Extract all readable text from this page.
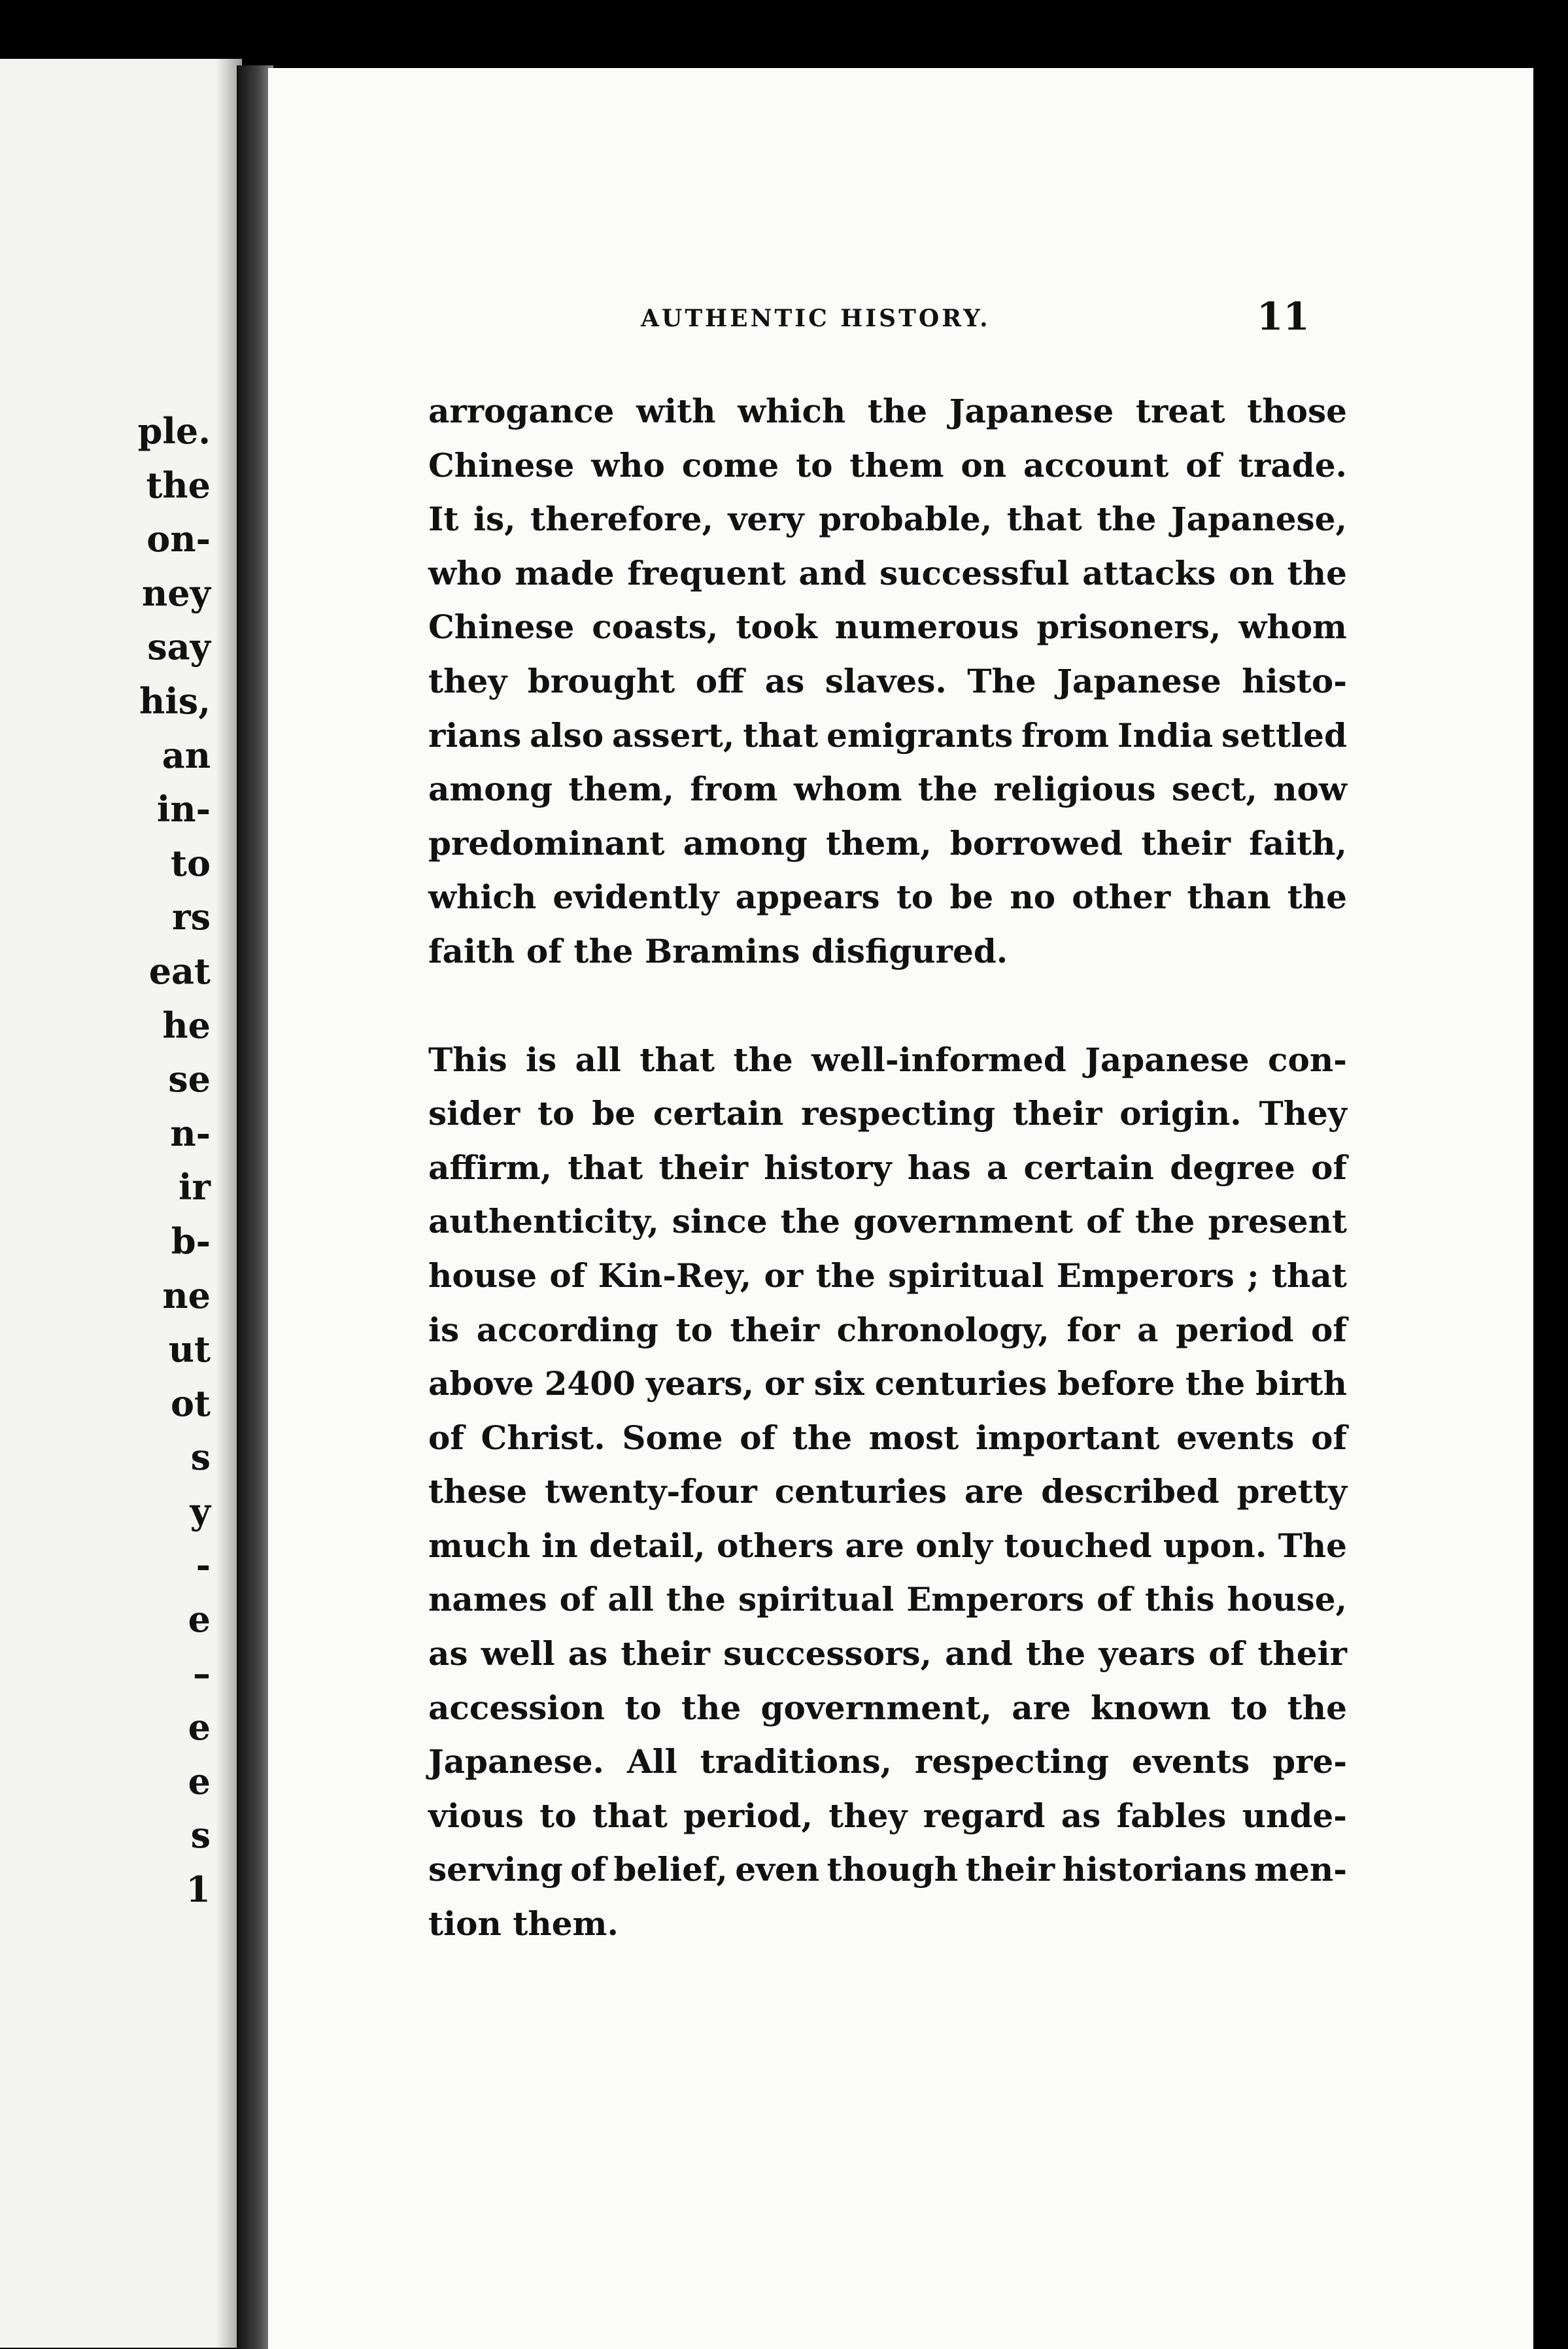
ple.
the
on-
ney
say
his,
an
in-
to
rs
eat
he
se
n-
ir
b-
ne
ut
ot
s
y
-
e
–
e
e
s
1
AUTHENTIC HISTORY.	11
arrogance with which the Japanese treat those
Chinese who come to them on account of trade.
It is, therefore, very probable, that the Japanese,
who made frequent and successful attacks on the
Chinese coasts, took numerous prisoners, whom
they brought off as slaves. The Japanese histo-
rians also assert, that emigrants from India settled
among them, from whom the religious sect, now
predominant among them, borrowed their faith,
which evidently appears to be no other than the
faith of the Bramins disfigured.
This is all that the well-informed Japanese con-
sider to be certain respecting their origin. They
affirm, that their history has a certain degree of
authenticity, since the government of the present
house of Kin-Rey, or the spiritual Emperors ; that
is according to their chronology, for a period of
above 2400 years, or six centuries before the birth
of Christ. Some of the most important events of
these twenty-four centuries are described pretty
much in detail, others are only touched upon. The
names of all the spiritual Emperors of this house,
as well as their successors, and the years of their
accession to the government, are known to the
Japanese. All traditions, respecting events pre-
vious to that period, they regard as fables unde-
serving of belief, even though their historians men-
tion them.
